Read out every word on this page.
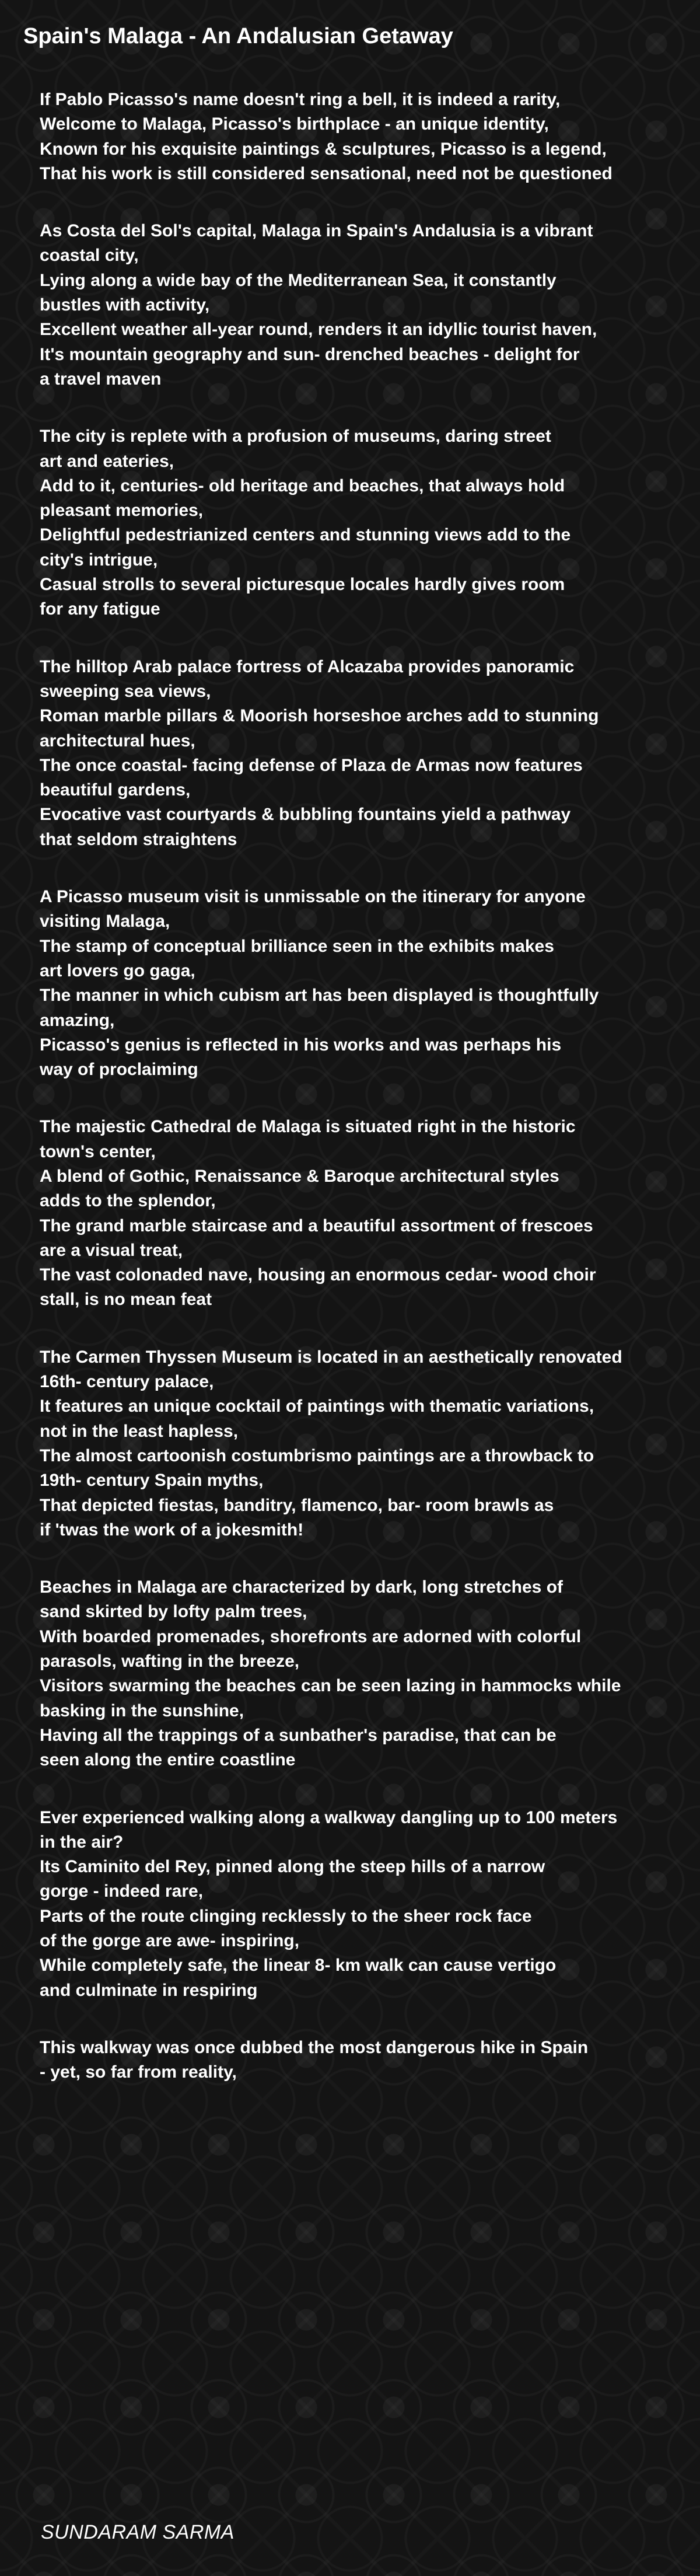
Spain's Malaga - An Andalusian Getaway
If Pablo Picasso's name doesn't ring a bell, it is indeed a rarity,
Welcome to Malaga, Picasso's birthplace - an unique identity,
Known for his exquisite paintings & sculptures, Picasso is a legend,
That his work is still considered sensational, need not be questioned
As Costa del Sol's capital, Malaga in Spain's Andalusia is a vibrant
coastal city,
Lying along a wide bay of the Mediterranean Sea, it constantly
bustles with activity,
Excellent weather all-year round, renders it an idyllic tourist haven,
It's mountain geography and sun- drenched beaches - delight for
a travel maven
The city is replete with a profusion of museums, daring street
art and eateries,
Add to it, centuries- old heritage and beaches, that always hold
pleasant memories,
Delightful pedestrianized centers and stunning views add to the
city's intrigue,
Casual strolls to several picturesque locales hardly gives room
for any fatigue
The hilltop Arab palace fortress of Alcazaba provides panoramic
sweeping sea views,
Roman marble pillars & Moorish horseshoe arches add to stunning
architectural hues,
The once coastal- facing defense of Plaza de Armas now features
beautiful gardens,
Evocative vast courtyards & bubbling fountains yield a pathway
that seldom straightens
A Picasso museum visit is unmissable on the itinerary for anyone
visiting Malaga,
The stamp of conceptual brilliance seen in the exhibits makes
art lovers go gaga,
The manner in which cubism art has been displayed is thoughtfully
amazing,
Picasso's genius is reflected in his works and was perhaps his
way of proclaiming
The majestic Cathedral de Malaga is situated right in the historic
town's center,
A blend of Gothic, Renaissance & Baroque architectural styles
adds to the splendor,
The grand marble staircase and a beautiful assortment of frescoes
are a visual treat,
The vast colonaded nave, housing an enormous cedar- wood choir
stall, is no mean feat
The Carmen Thyssen Museum is located in an aesthetically renovated
16th- century palace,
It features an unique cocktail of paintings with thematic variations,
not in the least hapless,
The almost cartoonish costumbrismo paintings are a throwback to
19th- century Spain myths,
That depicted fiestas, banditry, flamenco, bar- room brawls as
if 'twas the work of a jokesmith!
Beaches in Malaga are characterized by dark, long stretches of
sand skirted by lofty palm trees,
With boarded promenades, shorefronts are adorned with colorful
parasols, wafting in the breeze,
Visitors swarming the beaches can be seen lazing in hammocks while
basking in the sunshine,
Having all the trappings of a sunbather's paradise, that can be
seen along the entire coastline
Ever experienced walking along a walkway dangling up to 100 meters
in the air?
Its Caminito del Rey, pinned along the steep hills of a narrow
gorge - indeed rare,
Parts of the route clinging recklessly to the sheer rock face
of the gorge are awe- inspiring,
While completely safe, the linear 8- km walk can cause vertigo
and culminate in respiring
This walkway was once dubbed the most dangerous hike in Spain
- yet, so far from reality,

SUNDARAM SARMA
